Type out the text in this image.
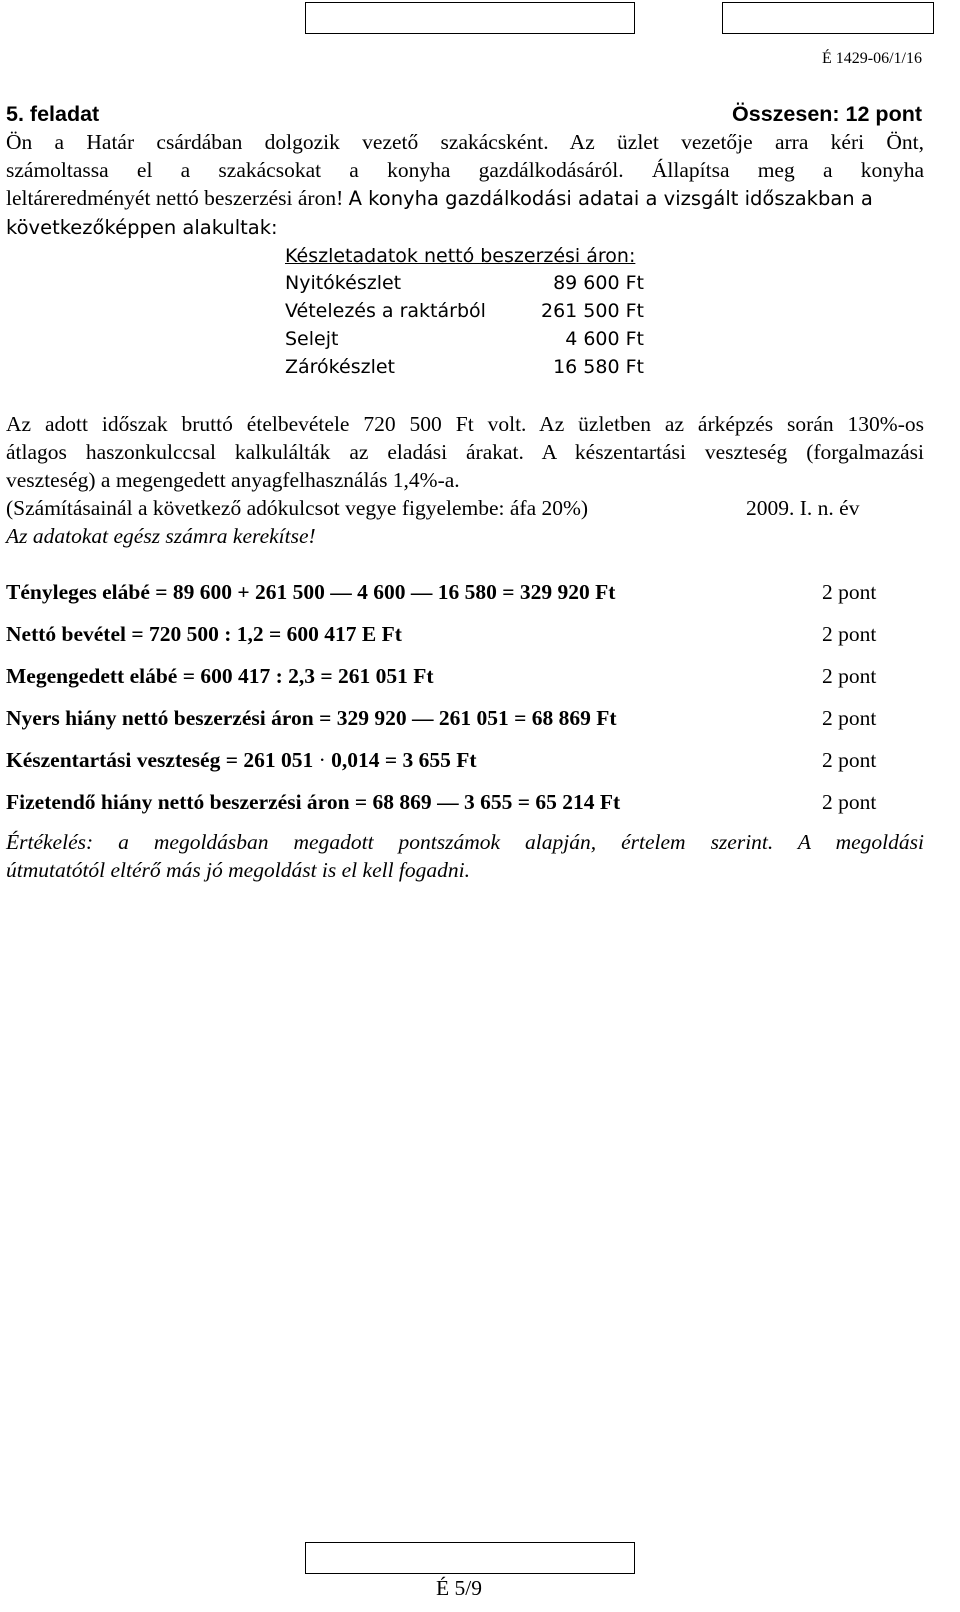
É 1429-06/1/16
5. feladat	Összesen: 12 pont
Ön a Határ csárdában dolgozik vezető szakácsként. Az üzlet vezetője arra kéri Önt,
számoltassa el a szakácsokat a konyha gazdálkodásáról. Állapítsa meg a konyha
leltáreredményét nettó beszerzési áron! A konyha gazdálkodási adatai a vizsgált időszakban a
következőképpen alakultak:
Készletadatok nettó beszerzési áron:
Nyitókészlet	89 600 Ft
Vételezés a raktárból	261 500 Ft
Selejt	4 600 Ft
Zárókészlet	16 580 Ft
Az adott időszak bruttó ételbevétele 720 500 Ft volt. Az üzletben az árképzés során 130%-os
átlagos haszonkulccsal kalkulálták az eladási árakat. A készentartási veszteség (forgalmazási
veszteség) a megengedett anyagfelhasználás 1,4%-a.
(Számításainál a következő adókulcsot vegye figyelembe: áfa 20%)	2009. I. n. év
Az adatokat egész számra kerekítse!
Tényleges elábé = 89 600 + 261 500 — 4 600 — 16 580 = 329 920 Ft	2 pont
Nettó bevétel = 720 500 : 1,2 = 600 417 E Ft	2 pont
Megengedett elábé = 600 417 : 2,3 = 261 051 Ft	2 pont
Nyers hiány nettó beszerzési áron = 329 920 — 261 051 = 68 869 Ft	2 pont
Készentartási veszteség = 261 051 · 0,014 = 3 655 Ft	2 pont
Fizetendő hiány nettó beszerzési áron = 68 869 — 3 655 = 65 214 Ft	2 pont
Értékelés: a megoldásban megadott pontszámok alapján, értelem szerint. A megoldási
útmutatótól eltérő más jó megoldást is el kell fogadni.
É 5/9
